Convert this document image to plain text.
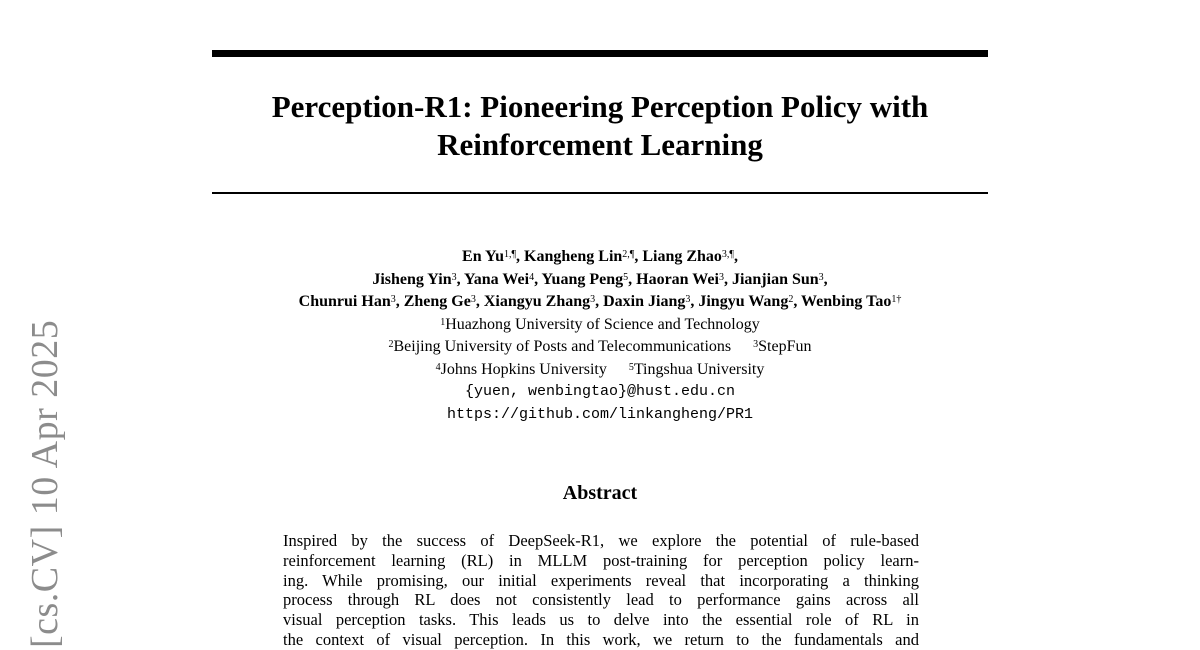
[cs.CV] 10 Apr 2025
Perception-R1: Pioneering Perception Policy with
Reinforcement Learning
En $Yu^{1,\P}$, Kangheng Lin$^{2,\P}$, Liang Zhao$^{3,\P}$,
Jisheng Yin$^3$, Yana Wei$^4$, Yuang Peng$^5$, Haoran Wei$^3$, Jianjian Sun$^3$,
Chunrui Han$^3$, Zheng Ge$^3$, Xiangyu Zhang$^3$, Daxin Jiang$^3$, Jingyu Wang$^2$, Wenbing Tao$^{1\dagger}$
$^1$Huazhong University of Science and Technology
$^2$Beijing University of Posts and Telecommunications $^3$StepFun
$^4$Johns Hopkins University $^5$Tingshua University
{yuen, wenbingtao}@hust.edu.cn
https://github.com/linkangheng/PR1
Abstract
Inspired by the success of DeepSeek-R1, we explore the potential of rule-based
reinforcement learning (RL) in MLLM post-training for perception policy learn-
ing. While promising, our initial experiments reveal that incorporating a thinking
process through RL does not consistently lead to performance gains across all
visual perception tasks. This leads us to delve into the essential role of RL in
the context of visual perception. In this work, we return to the fundamentals and
